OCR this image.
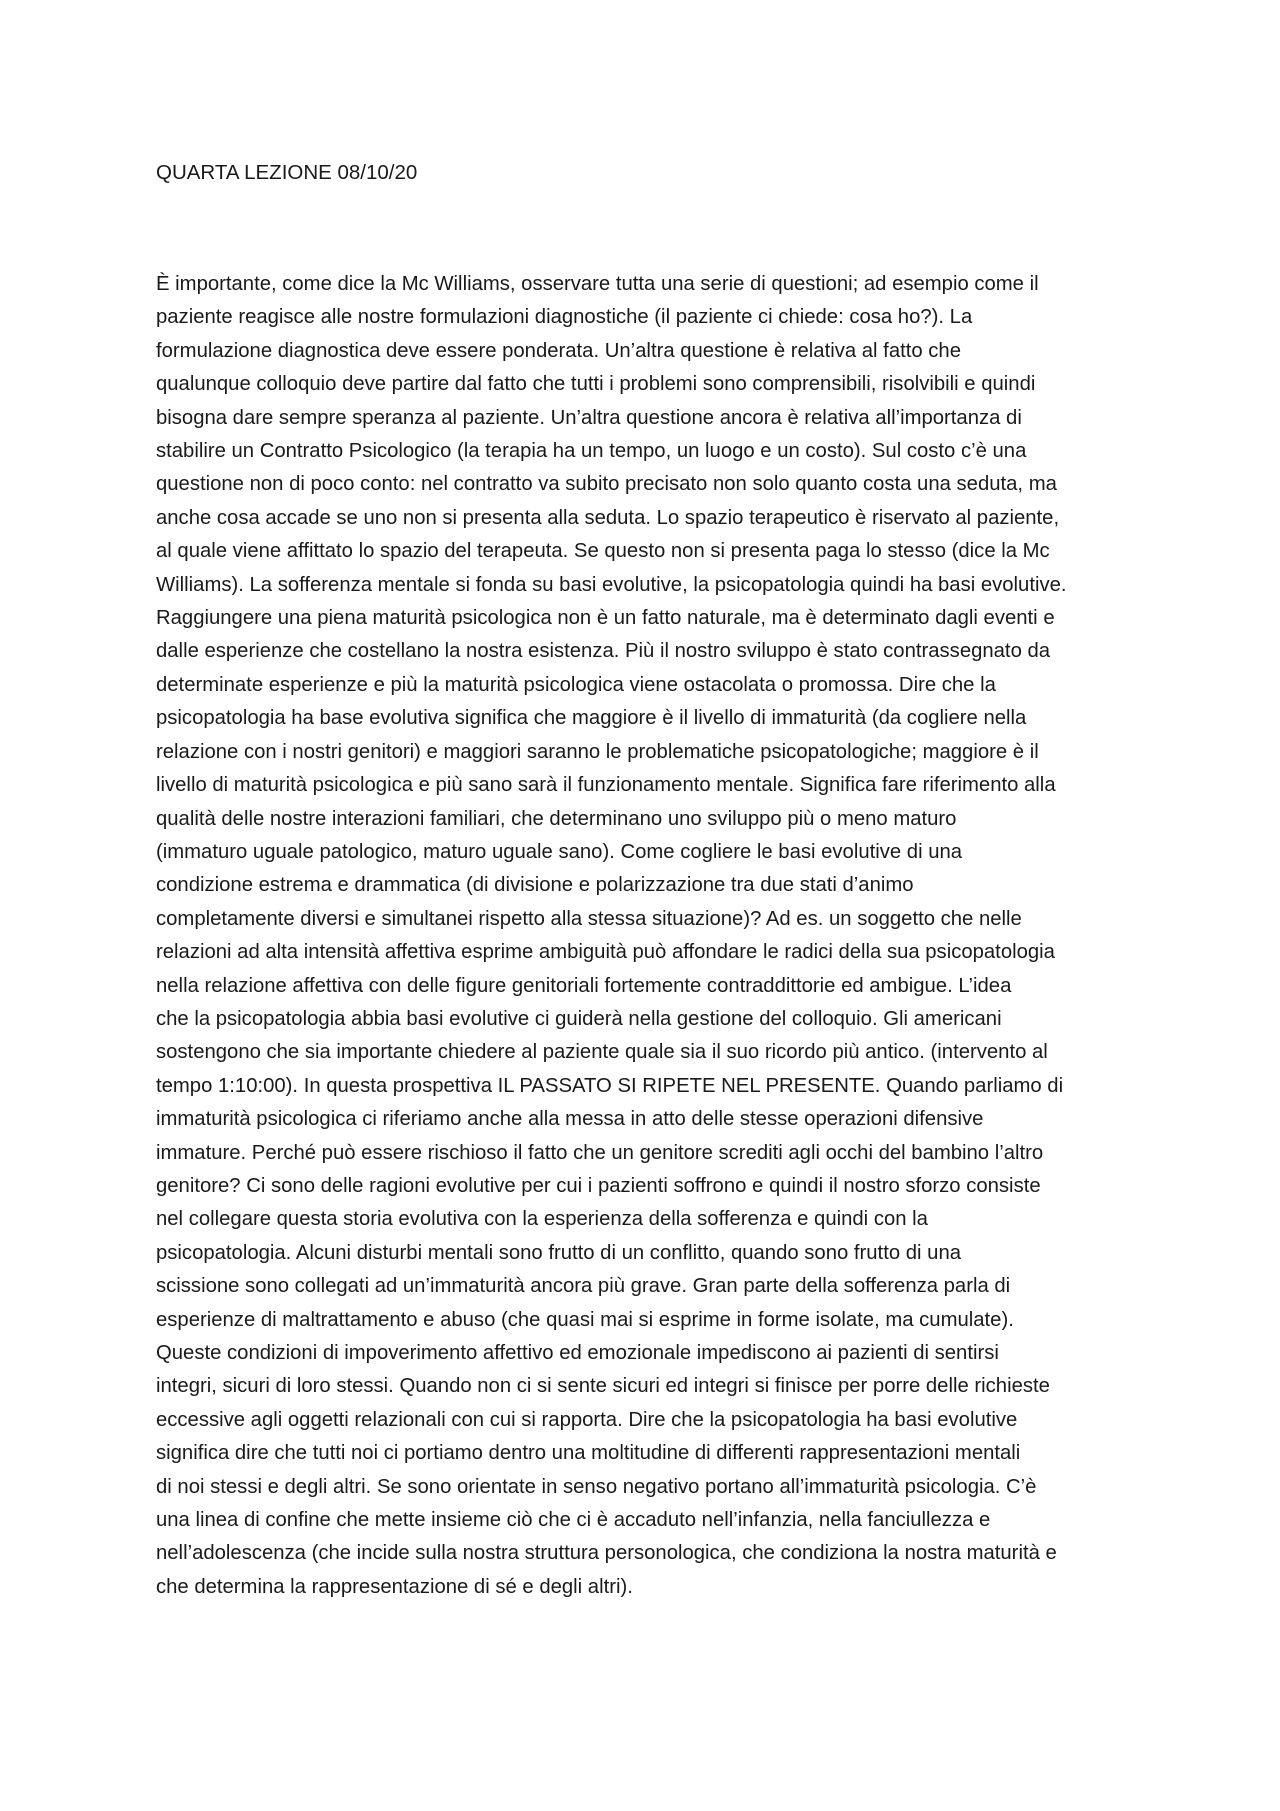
QUARTA LEZIONE 08/10/20

È importante, come dice la Mc Williams, osservare tutta una serie di questioni; ad esempio come il
paziente reagisce alle nostre formulazioni diagnostiche (il paziente ci chiede: cosa ho?). La
formulazione diagnostica deve essere ponderata. Un’altra questione è relativa al fatto che
qualunque colloquio deve partire dal fatto che tutti i problemi sono comprensibili, risolvibili e quindi
bisogna dare sempre speranza al paziente. Un’altra questione ancora è relativa all’importanza di
stabilire un Contratto Psicologico (la terapia ha un tempo, un luogo e un costo). Sul costo c’è una
questione non di poco conto: nel contratto va subito precisato non solo quanto costa una seduta, ma
anche cosa accade se uno non si presenta alla seduta. Lo spazio terapeutico è riservato al paziente,
al quale viene affittato lo spazio del terapeuta. Se questo non si presenta paga lo stesso (dice la Mc
Williams). La sofferenza mentale si fonda su basi evolutive, la psicopatologia quindi ha basi evolutive.
Raggiungere una piena maturità psicologica non è un fatto naturale, ma è determinato dagli eventi e
dalle esperienze che costellano la nostra esistenza. Più il nostro sviluppo è stato contrassegnato da
determinate esperienze e più la maturità psicologica viene ostacolata o promossa. Dire che la
psicopatologia ha base evolutiva significa che maggiore è il livello di immaturità (da cogliere nella
relazione con i nostri genitori) e maggiori saranno le problematiche psicopatologiche; maggiore è il
livello di maturità psicologica e più sano sarà il funzionamento mentale. Significa fare riferimento alla
qualità delle nostre interazioni familiari, che determinano uno sviluppo più o meno maturo
(immaturo uguale patologico, maturo uguale sano). Come cogliere le basi evolutive di una
condizione estrema e drammatica (di divisione e polarizzazione tra due stati d’animo
completamente diversi e simultanei rispetto alla stessa situazione)? Ad es. un soggetto che nelle
relazioni ad alta intensità affettiva esprime ambiguità può affondare le radici della sua psicopatologia
nella relazione affettiva con delle figure genitoriali fortemente contraddittorie ed ambigue. L’idea
che la psicopatologia abbia basi evolutive ci guiderà nella gestione del colloquio. Gli americani
sostengono che sia importante chiedere al paziente quale sia il suo ricordo più antico. (intervento al
tempo 1:10:00). In questa prospettiva IL PASSATO SI RIPETE NEL PRESENTE. Quando parliamo di
immaturità psicologica ci riferiamo anche alla messa in atto delle stesse operazioni difensive
immature. Perché può essere rischioso il fatto che un genitore screditi agli occhi del bambino l’altro
genitore? Ci sono delle ragioni evolutive per cui i pazienti soffrono e quindi il nostro sforzo consiste
nel collegare questa storia evolutiva con la esperienza della sofferenza e quindi con la
psicopatologia. Alcuni disturbi mentali sono frutto di un conflitto, quando sono frutto di una
scissione sono collegati ad un’immaturità ancora più grave. Gran parte della sofferenza parla di
esperienze di maltrattamento e abuso (che quasi mai si esprime in forme isolate, ma cumulate).
Queste condizioni di impoverimento affettivo ed emozionale impediscono ai pazienti di sentirsi
integri, sicuri di loro stessi. Quando non ci si sente sicuri ed integri si finisce per porre delle richieste
eccessive agli oggetti relazionali con cui si rapporta. Dire che la psicopatologia ha basi evolutive
significa dire che tutti noi ci portiamo dentro una moltitudine di differenti rappresentazioni mentali
di noi stessi e degli altri. Se sono orientate in senso negativo portano all’immaturità psicologia. C’è
una linea di confine che mette insieme ciò che ci è accaduto nell’infanzia, nella fanciullezza e
nell’adolescenza (che incide sulla nostra struttura personologica, che condiziona la nostra maturità e
che determina la rappresentazione di sé e degli altri).
